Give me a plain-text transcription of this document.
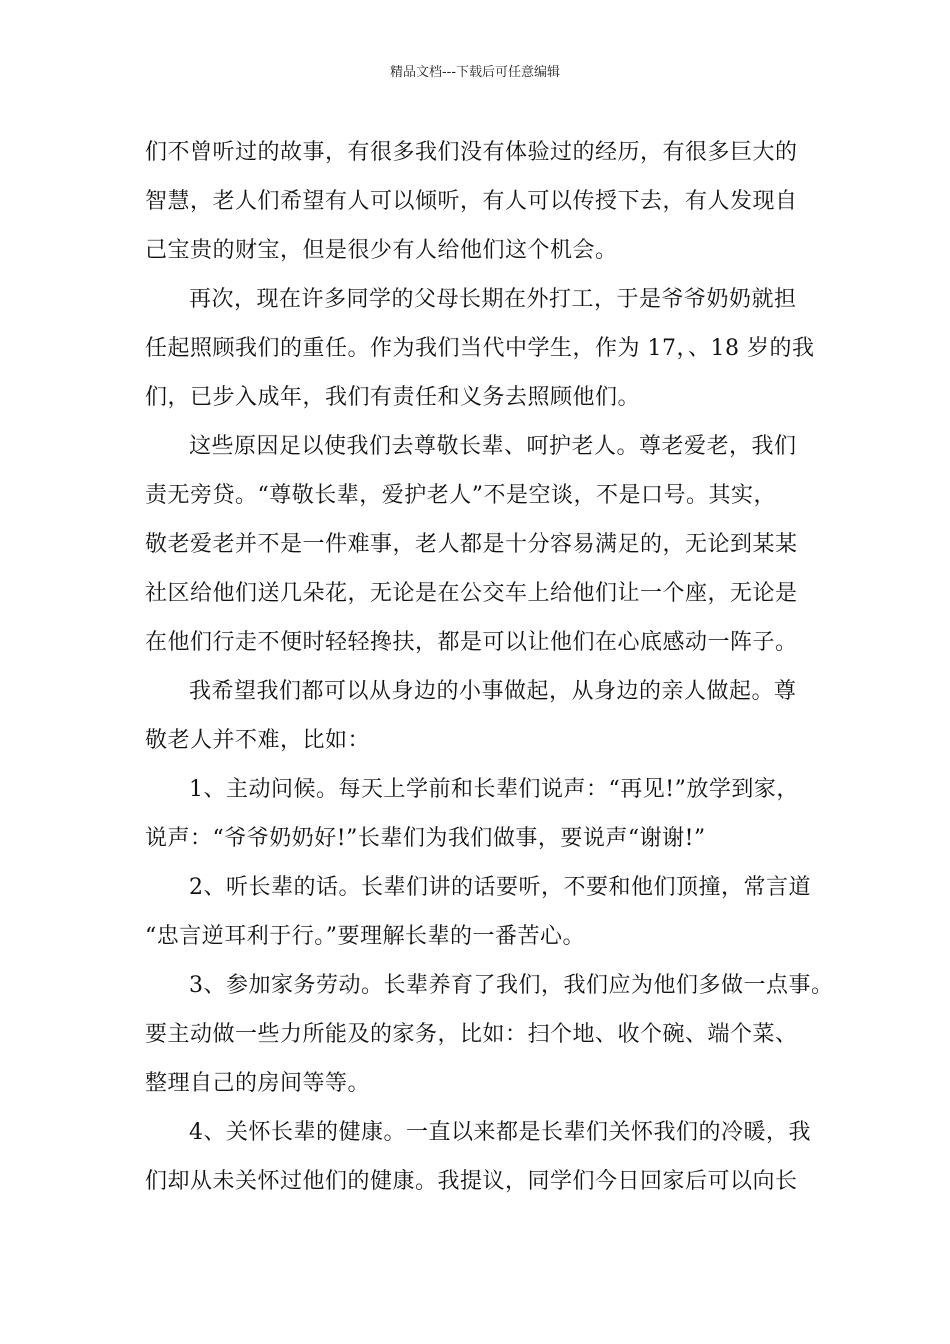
精品文档---下载后可任意编辑
们不曾听过的故事，有很多我们没有体验过的经历，有很多巨大的
智慧，老人们希望有人可以倾听，有人可以传授下去，有人发现自
己宝贵的财宝，但是很少有人给他们这个机会。
再次，现在许多同学的父母长期在外打工，于是爷爷奶奶就担
任起照顾我们的重任。作为我们当代中学生，作为 17，、18 岁的我
们，已步入成年，我们有责任和义务去照顾他们。
这些原因足以使我们去尊敬长辈、呵护老人。尊老爱老，我们
责无旁贷。“尊敬长辈，爱护老人”不是空谈，不是口号。其实，
敬老爱老并不是一件难事，老人都是十分容易满足的，无论到某某
社区给他们送几朵花，无论是在公交车上给他们让一个座，无论是
在他们行走不便时轻轻搀扶，都是可以让他们在心底感动一阵子。
我希望我们都可以从身边的小事做起，从身边的亲人做起。尊
敬老人并不难，比如：
1、主动问候。每天上学前和长辈们说声：“再见!”放学到家，
说声：“爷爷奶奶好!”长辈们为我们做事，要说声“谢谢!”
2、听长辈的话。长辈们讲的话要听，不要和他们顶撞，常言道
“忠言逆耳利于行。”要理解长辈的一番苦心。
3、参加家务劳动。长辈养育了我们，我们应为他们多做一点事。
要主动做一些力所能及的家务，比如：扫个地、收个碗、端个菜、
整理自己的房间等等。
4、关怀长辈的健康。一直以来都是长辈们关怀我们的冷暖，我
们却从未关怀过他们的健康。我提议，同学们今日回家后可以向长
